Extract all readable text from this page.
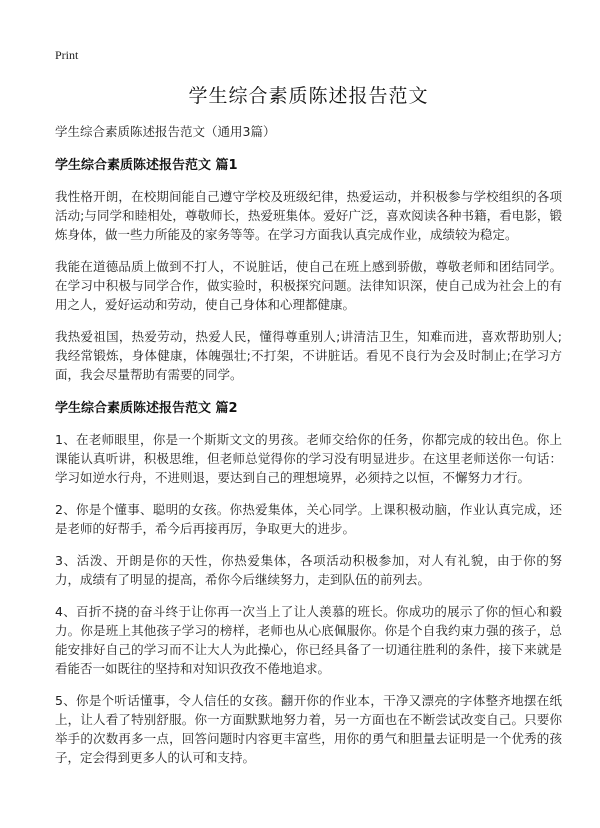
Print
学生综合素质陈述报告范文
学生综合素质陈述报告范文（通用3篇）
学生综合素质陈述报告范文 篇1

我性格开朗，在校期间能自己遵守学校及班级纪律，热爱运动，并积极参与学校组织的各项活动;与同学和睦相处，尊敬师长，热爱班集体。爱好广泛，喜欢阅读各种书籍，看电影，锻炼身体，做一些力所能及的家务等等。在学习方面我认真完成作业，成绩较为稳定。

我能在道德品质上做到不打人，不说脏话，使自己在班上感到骄傲，尊敬老师和团结同学。在学习中积极与同学合作，做实验时，积极探究问题。法律知识深，使自己成为社会上的有用之人，爱好运动和劳动，使自己身体和心理都健康。

我热爱祖国，热爱劳动，热爱人民，懂得尊重别人;讲清洁卫生，知难而进，喜欢帮助别人;我经常锻炼，身体健康，体魄强壮;不打架，不讲脏话。看见不良行为会及时制止;在学习方面，我会尽量帮助有需要的同学。

学生综合素质陈述报告范文 篇2

1、在老师眼里，你是一个斯斯文文的男孩。老师交给你的任务，你都完成的较出色。你上课能认真听讲，积极思维，但老师总觉得你的学习没有明显进步。在这里老师送你一句话：学习如逆水行舟，不进则退，要达到自己的理想境界，必须持之以恒，不懈努力才行。

2、你是个懂事、聪明的女孩。你热爱集体，关心同学。上课积极动脑，作业认真完成，还是老师的好帮手，希今后再接再厉，争取更大的进步。

3、活泼、开朗是你的天性，你热爱集体，各项活动积极参加，对人有礼貌，由于你的努力，成绩有了明显的提高，希你今后继续努力，走到队伍的前列去。

4、百折不挠的奋斗终于让你再一次当上了让人羡慕的班长。你成功的展示了你的恒心和毅力。你是班上其他孩子学习的榜样，老师也从心底佩服你。你是个自我约束力强的孩子，总能安排好自己的学习而不让大人为此操心，你已经具备了一切通往胜利的条件，接下来就是看能否一如既往的坚持和对知识孜孜不倦地追求。

5、你是个听话懂事，令人信任的女孩。翻开你的作业本，干净又漂亮的字体整齐地摆在纸上，让人看了特别舒服。你一方面默默地努力着，另一方面也在不断尝试改变自己。只要你举手的次数再多一点，回答问题时内容更丰富些，用你的勇气和胆量去证明是一个优秀的孩子，定会得到更多人的认可和支持。
